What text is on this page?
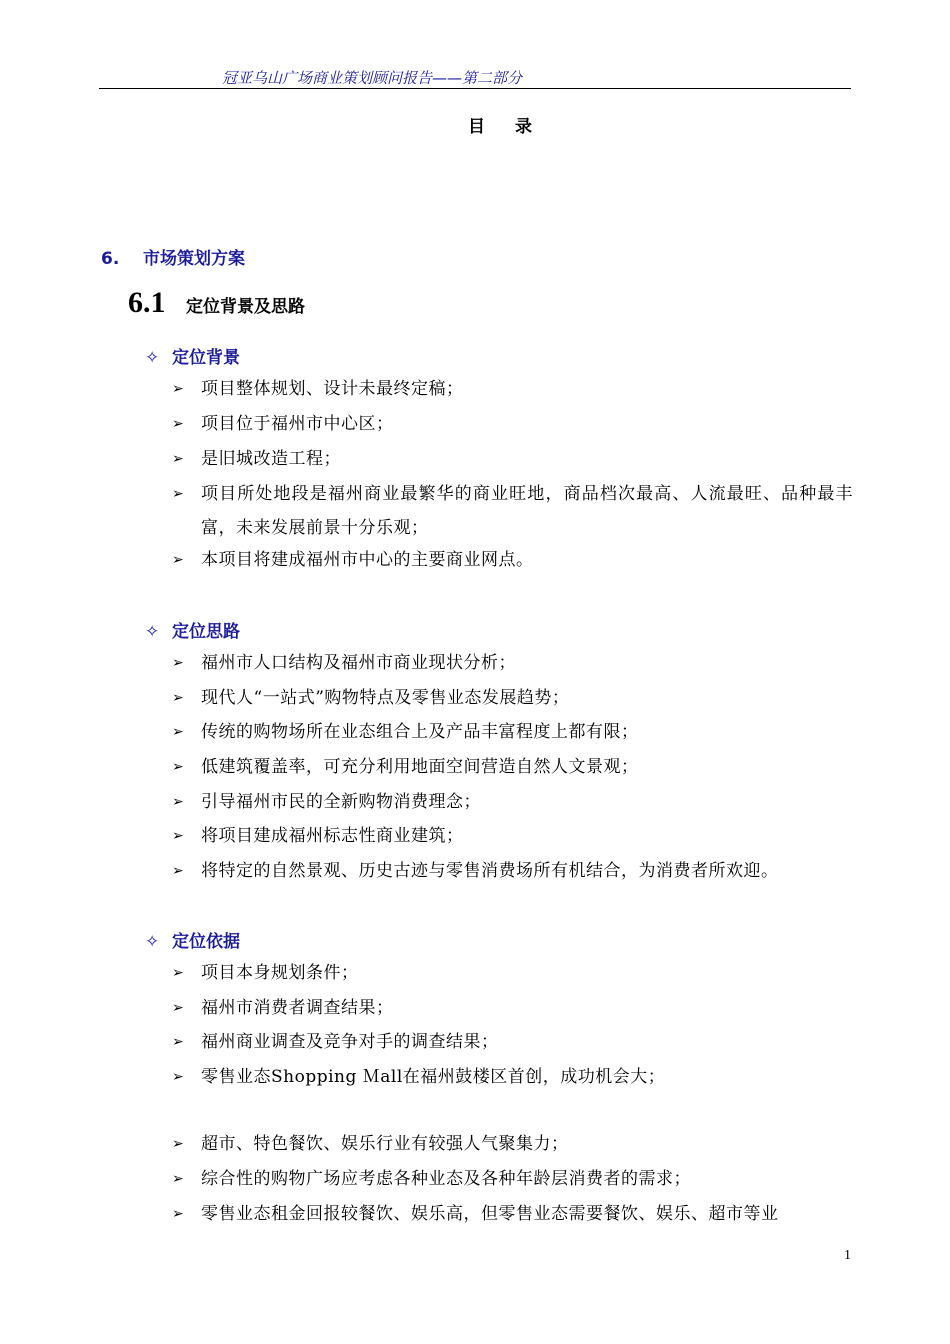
冠亚乌山广场商业策划顾问报告——第二部分
目 录
6. 市场策划方案
6.1 定位背景及思路
✧ 定位背景
➢ 项目整体规划、设计未最终定稿；
➢ 项目位于福州市中心区；
➢ 是旧城改造工程；
➢ 项目所处地段是福州商业最繁华的商业旺地，商品档次最高、人流最旺、品种最丰富，未来发展前景十分乐观；
➢ 本项目将建成福州市中心的主要商业网点。
✧ 定位思路
➢ 福州市人口结构及福州市商业现状分析；
➢ 现代人“一站式”购物特点及零售业态发展趋势；
➢ 传统的购物场所在业态组合上及产品丰富程度上都有限；
➢ 低建筑覆盖率，可充分利用地面空间营造自然人文景观；
➢ 引导福州市民的全新购物消费理念；
➢ 将项目建成福州标志性商业建筑；
➢ 将特定的自然景观、历史古迹与零售消费场所有机结合，为消费者所欢迎。
✧ 定位依据
➢ 项目本身规划条件；
➢ 福州市消费者调查结果；
➢ 福州商业调查及竞争对手的调查结果；
➢ 零售业态Shopping Ｍall在福州鼓楼区首创，成功机会大；
➢ 超市、特色餐饮、娱乐行业有较强人气聚集力；
➢ 综合性的购物广场应考虑各种业态及各种年龄层消费者的需求；
➢ 零售业态租金回报较餐饮、娱乐高，但零售业态需要餐饮、娱乐、超市等业
1
